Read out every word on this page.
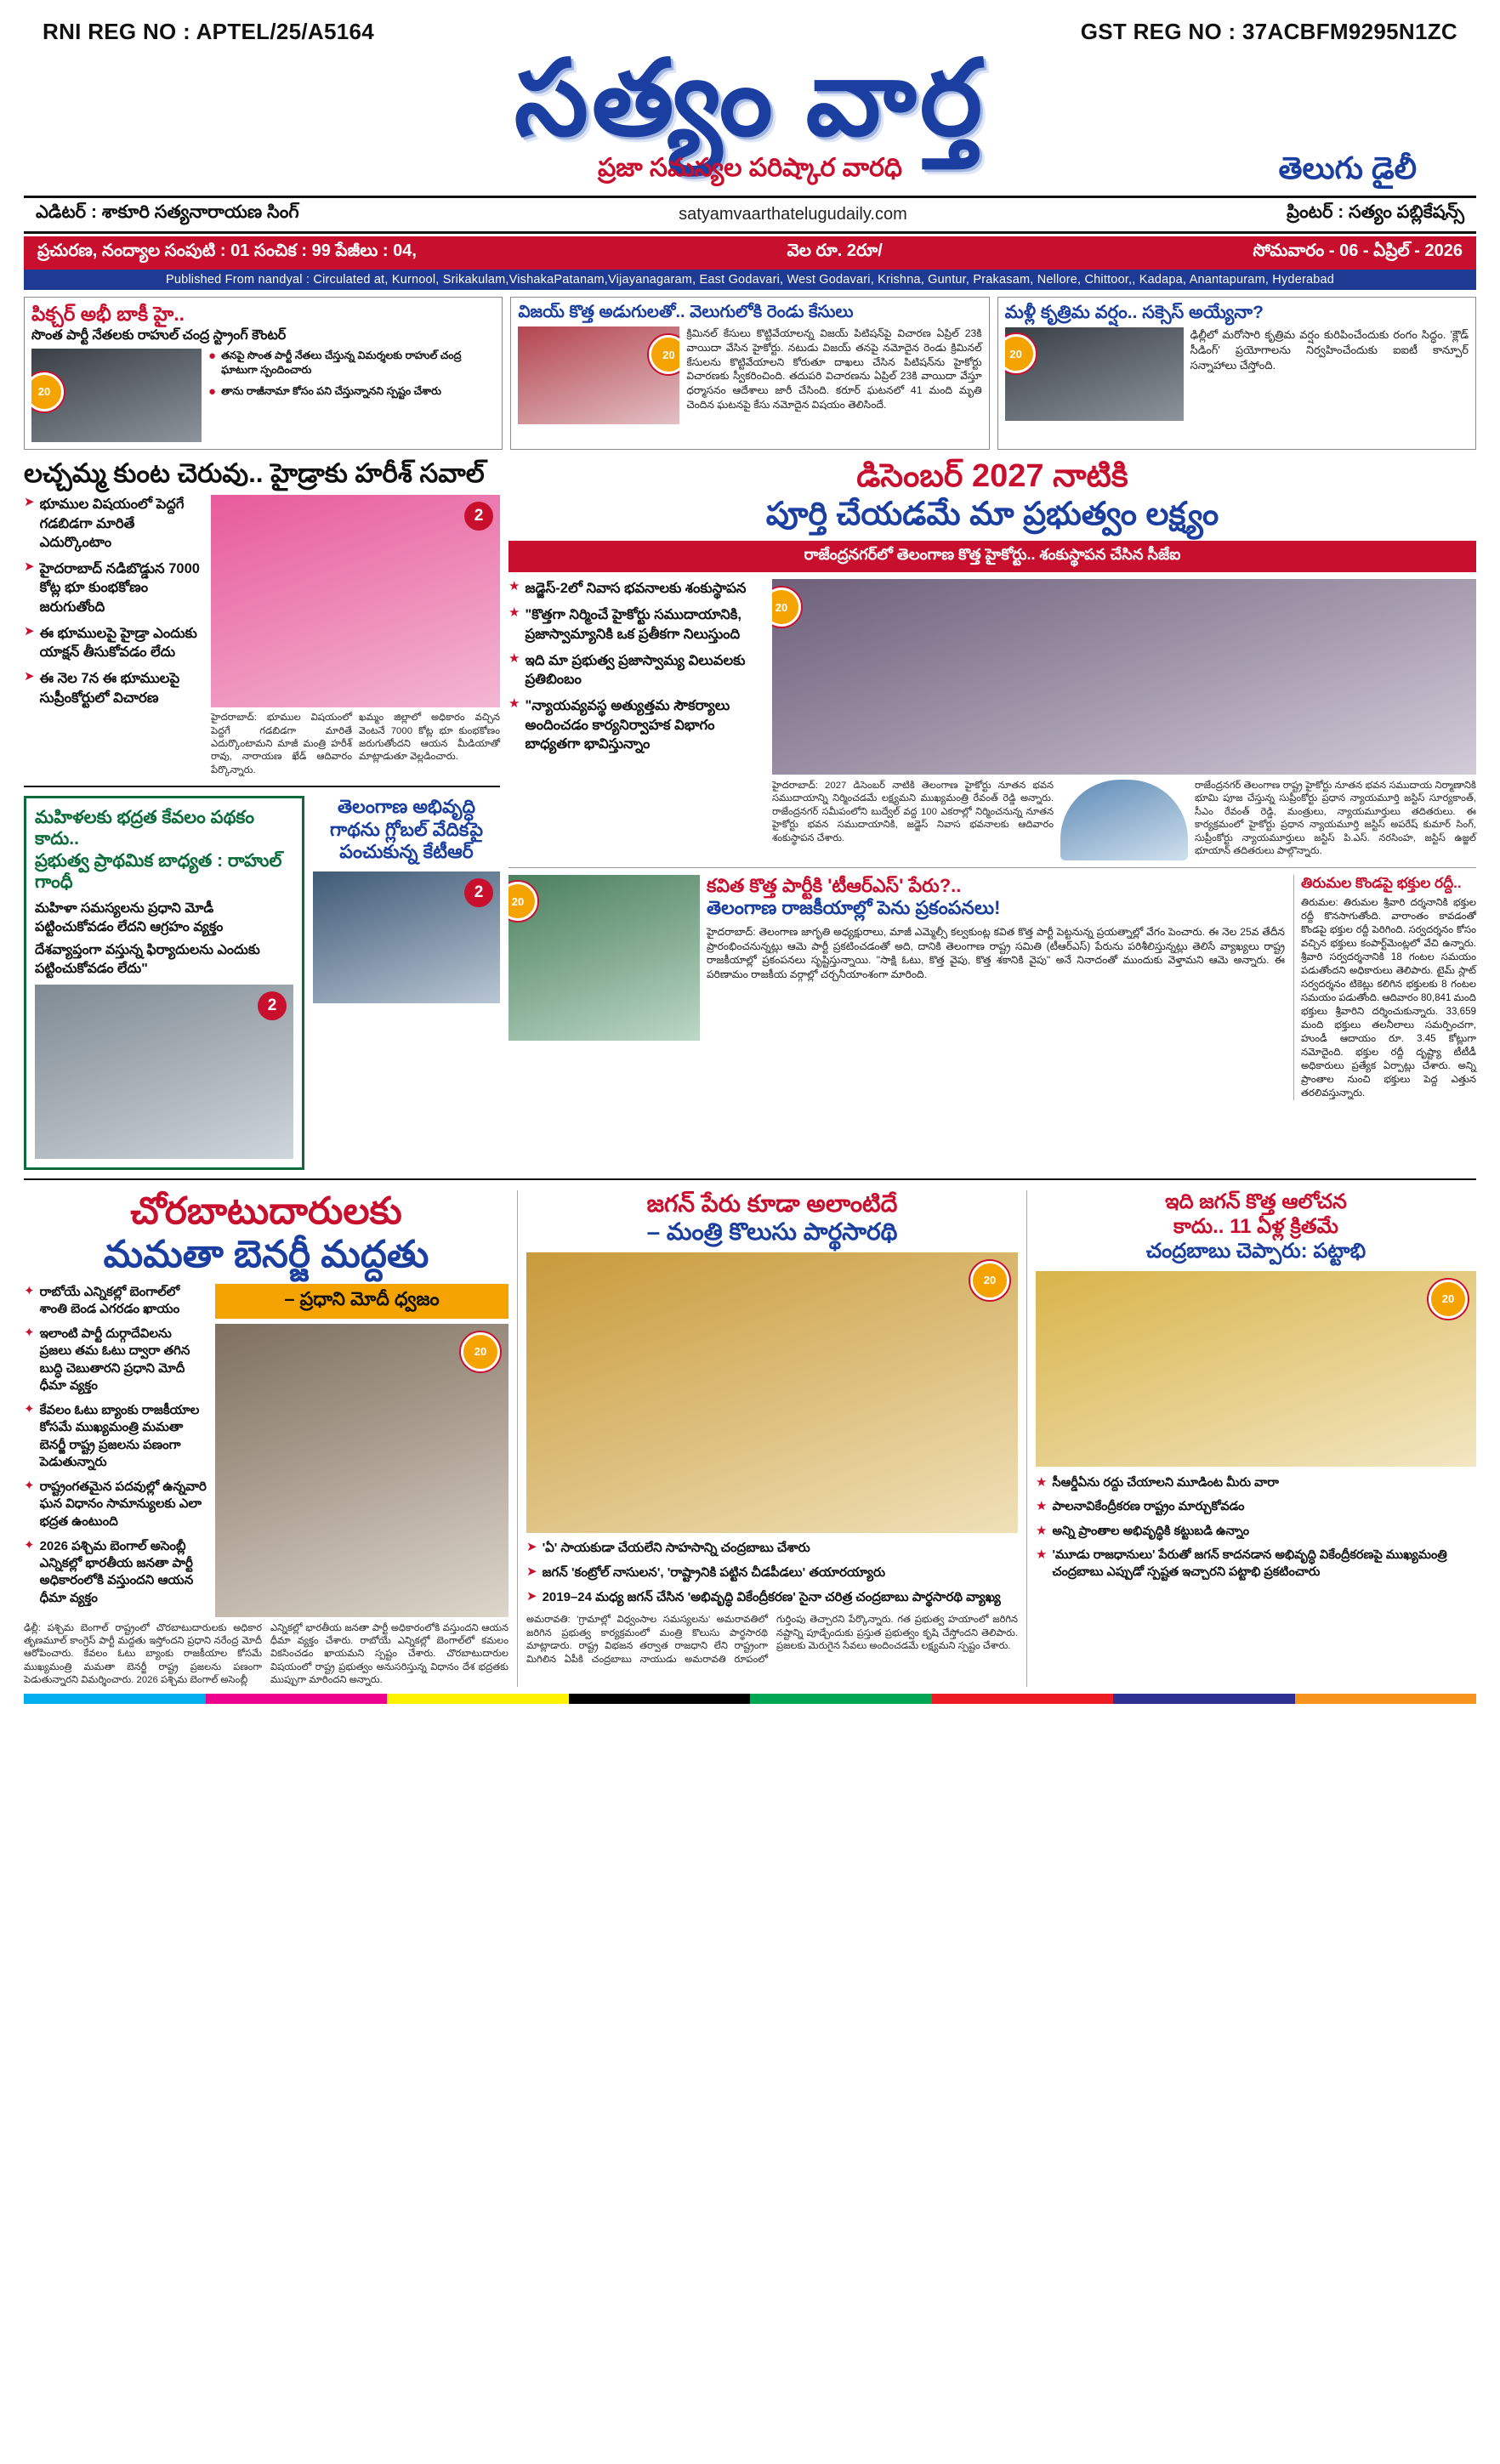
RNI REG NO : APTEL/25/A5164	GST REG NO : 37ACBFM9295N1ZC
సత్యం వార్త
తెలుగు డైలీ
ప్రజా సమస్యల పరిష్కార వారధి
ఎడిటర్ : శాకూరి సత్యనారాయణ సింగ్	satyamvaarthatelugudaily.com	ప్రింటర్ : సత్యం పబ్లికేషన్స్
ప్రచురణ, నంద్యాల సంపుటి : 01 సంచిక : 99 పేజీలు : 04,	వెల రూ. 2రూ/	సోమవారం - 06 - ఏప్రిల్ - 2026
Published From nandyal : Circulated at, Kurnool, Srikakulam,VishakaPatanam,Vijayanagaram, East Godavari, West Godavari, Krishna, Guntur, Prakasam, Nellore, Chittoor,, Kadapa, Anantapuram, Hyderabad
పిక్చర్ అభీ బాకీ హై..
సొంత పార్టీ నేతలకు రాహుల్ చంద్ర స్ట్రాంగ్ కౌంటర్
20
● తనపై సొంత పార్టీ నేతలు చేస్తున్న విమర్శలకు రాహుల్ చంద్ర ఘాటుగా స్పందించారు
● తాను రాజీనామా కోసం పని చేస్తున్నానని స్పష్టం చేశారు
విజయ్ కొత్త అడుగులతో.. వెలుగులోకి రెండు కేసులు
20
క్రిమినల్ కేసులు కొట్టివేయాలన్న విజయ్ పిటిషన్‌పై విచారణ ఏప్రిల్ 23కి వాయిదా వేసిన హైకోర్టు. నటుడు విజయ్ తనపై నమోదైన రెండు క్రిమినల్ కేసులను కొట్టివేయాలని కోరుతూ దాఖలు చేసిన పిటిషన్‌ను హైకోర్టు విచారణకు స్వీకరించింది. తదుపరి విచారణను ఏప్రిల్ 23కి వాయిదా వేస్తూ ధర్మాసనం ఆదేశాలు జారీ చేసింది. కరూర్ ఘటనలో 41 మంది మృతి చెందిన ఘటనపై కేసు నమోదైన విషయం తెలిసిందే.
మళ్లీ కృత్రిమ వర్షం.. సక్సెస్ అయ్యేనా?
20
ఢిల్లీలో మరోసారి కృత్రిమ వర్షం కురిపించేందుకు రంగం సిద్ధం. 'క్లౌడ్ సీడింగ్' ప్రయోగాలను నిర్వహించేందుకు ఐఐటీ కాన్పూర్ సన్నాహాలు చేస్తోంది.
లచ్చమ్మ కుంట చెరువు.. హైడ్రాకు హరీశ్ సవాల్
➤ భూముల విషయంలో పెద్దగే గడబిడగా మారితే ఎదుర్కొంటాం
➤ హైదరాబాద్ నడిబొడ్డున 7000 కోట్ల భూ కుంభకోణం జరుగుతోంది
➤ ఈ భూములపై హైడ్రా ఎందుకు యాక్షన్ తీసుకోవడం లేదు
➤ ఈ నెల 7న ఈ భూములపై సుప్రీంకోర్టులో విచారణ
2
హైదరాబాద్: భూముల విషయంలో పెద్దగే గడబిడగా మారితే ఎదుర్కొంటామని మాజీ మంత్రి హరీశ్ రావు, నారాయణ ఖేడ్ ఆదివారం పేర్కొన్నారు.
ఖమ్మం జిల్లాలో అధికారం వచ్చిన వెంటనే 7000 కోట్ల భూ కుంభకోణం జరుగుతోందని ఆయన మీడియాతో మాట్లాడుతూ వెల్లడించారు.
మహిళలకు భద్రత కేవలం పథకం కాదు..
ప్రభుత్వ ప్రాథమిక బాధ్యత : రాహుల్ గాంధీ
మహిళా సమస్యలను ప్రధాని మోడీ పట్టించుకోవడం లేదని ఆగ్రహం వ్యక్తం
దేశవ్యాప్తంగా వస్తున్న ఫిర్యాదులను ఎందుకు పట్టించుకోవడం లేదు"
2
తెలంగాణ అభివృద్ధి గాథను గ్లోబల్ వేదికపై పంచుకున్న కేటీఆర్
2
డిసెంబర్ 2027 నాటికి
పూర్తి చేయడమే మా ప్రభుత్వం లక్ష్యం
రాజేంద్రనగర్‌లో తెలంగాణ కొత్త హైకోర్టు.. శంకుస్థాపన చేసిన సీజేఐ
★ జడ్జెస్-2లో నివాస భవనాలకు శంకుస్థాపన
★ "కొత్తగా నిర్మించే హైకోర్టు సముదాయానికి, ప్రజాస్వామ్యానికి ఒక ప్రతీకగా నిలుస్తుంది
★ ఇది మా ప్రభుత్వ ప్రజాస్వామ్య విలువలకు ప్రతిబింబం
★ "న్యాయవ్యవస్థ అత్యుత్తమ సౌకర్యాలు అందించడం కార్యనిర్వాహక విభాగం బాధ్యతగా భావిస్తున్నాం
20
హైదరాబాద్: 2027 డిసెంబర్ నాటికి తెలంగాణ హైకోర్టు నూతన భవన సముదాయాన్ని నిర్మించడమే లక్ష్యమని ముఖ్యమంత్రి రేవంత్ రెడ్డి అన్నారు. రాజేంద్రనగర్ సమీపంలోని బుద్వేల్ వద్ద 100 ఎకరాల్లో నిర్మించనున్న నూతన హైకోర్టు భవన సముదాయానికి, జడ్జెస్ నివాస భవనాలకు ఆదివారం శంకుస్థాపన చేశారు.
రాజేంద్రనగర్ తెలంగాణ రాష్ట్ర హైకోర్టు నూతన భవన సముదాయ నిర్మాణానికి భూమి పూజ చేస్తున్న సుప్రీంకోర్టు ప్రధాన న్యాయమూర్తి జస్టిస్ సూర్యకాంత్, సీఎం రేవంత్ రెడ్డి, మంత్రులు, న్యాయమూర్తులు తదితరులు. ఈ కార్యక్రమంలో హైకోర్టు ప్రధాన న్యాయమూర్తి జస్టిస్ అపరేష్ కుమార్ సింగ్, సుప్రీంకోర్టు న్యాయమూర్తులు జస్టిస్ పి.ఎస్. నరసింహ, జస్టిస్ ఉజ్జల్ భూయాన్ తదితరులు పాల్గొన్నారు.
20
కవిత కొత్త పార్టీకి 'టీఆర్ఎస్' పేరు?..
తెలంగాణ రాజకీయాల్లో పెను ప్రకంపనలు!
హైదరాబాద్: తెలంగాణ జాగృతి అధ్యక్షురాలు, మాజీ ఎమ్మెల్సీ కల్వకుంట్ల కవిత కొత్త పార్టీ పెట్టనున్న ప్రయత్నాల్లో వేగం పెంచారు. ఈ నెల 25వ తేదీన ప్రారంభించనున్నట్లు ఆమె పార్టీ ప్రకటించడంతో అది, దానికి తెలంగాణ రాష్ట్ర సమితి (టీఆర్ఎస్) పేరును పరిశీలిస్తున్నట్లు తెలిసే వ్యాఖ్యలు రాష్ట్ర రాజకీయాల్లో ప్రకంపనలు సృష్టిస్తున్నాయి. "సాక్షి ఓటు, కొత్త వైపు, కొత్త శకానికి వైపు" అనే నినాదంతో ముందుకు వెళ్తామని ఆమె అన్నారు. ఈ పరిణామం రాజకీయ వర్గాల్లో చర్చనీయాంశంగా మారింది.
తిరుమల కొండపై భక్తుల రద్దీ..
తిరుమల: తిరుమల శ్రీవారి దర్శనానికి భక్తుల రద్దీ కొనసాగుతోంది. వారాంతం కావడంతో కొండపై భక్తుల రద్దీ పెరిగింది. సర్వదర్శనం కోసం వచ్చిన భక్తులు కంపార్ట్‌మెంట్లలో వేచి ఉన్నారు. శ్రీవారి సర్వదర్శనానికి 18 గంటల సమయం పడుతోందని అధికారులు తెలిపారు. టైమ్ స్లాట్ సర్వదర్శనం టికెట్లు కలిగిన భక్తులకు 8 గంటల సమయం పడుతోంది. ఆదివారం 80,841 మంది భక్తులు శ్రీవారిని దర్శించుకున్నారు. 33,659 మంది భక్తులు తలనీలాలు సమర్పించగా, హుండీ ఆదాయం రూ. 3.45 కోట్లుగా నమోదైంది. భక్తుల రద్దీ దృష్ట్యా టీటీడీ అధికారులు ప్రత్యేక ఏర్పాట్లు చేశారు. అన్ని ప్రాంతాల నుంచి భక్తులు పెద్ద ఎత్తున తరలివస్తున్నారు.
చోరబాటుదారులకు
మమతా బెనర్జీ మద్దతు
✦ రాబోయే ఎన్నికల్లో బెంగాల్‌లో శాంతి బెండ ఎగరడం ఖాయం
✦ ఇలాంటి పార్టీ దుర్గాదేవిలను ప్రజలు తమ ఓటు ద్వారా తగిన బుద్ధి చెబుతారని ప్రధాని మోదీ ధీమా వ్యక్తం
✦ కేవలం ఓటు బ్యాంకు రాజకీయాల కోసమే ముఖ్యమంత్రి మమతా బెనర్జీ రాష్ట్ర ప్రజలను పణంగా పెడుతున్నారు
✦ రాష్ట్రంగతమైన పదవుల్లో ఉన్నవారి ఘన విధానం సామాన్యులకు ఎలా భద్రత ఉంటుంది
✦ 2026 పశ్చిమ బెంగాల్ అసెంబ్లీ ఎన్నికల్లో భారతీయ జనతా పార్టీ అధికారంలోకి వస్తుందని ఆయన ధీమా వ్యక్తం
– ప్రధాని మోదీ ధ్వజం
20
ఢిల్లీ: పశ్చిమ బెంగాల్ రాష్ట్రంలో చొరబాటుదారులకు అధికార తృణమూల్ కాంగ్రెస్ పార్టీ మద్దతు ఇస్తోందని ప్రధాని నరేంద్ర మోదీ ఆరోపించారు. కేవలం ఓటు బ్యాంకు రాజకీయాల కోసమే ముఖ్యమంత్రి మమతా బెనర్జీ రాష్ట్ర ప్రజలను పణంగా పెడుతున్నారని విమర్శించారు. 2026 పశ్చిమ బెంగాల్ అసెంబ్లీ
ఎన్నికల్లో భారతీయ జనతా పార్టీ అధికారంలోకి వస్తుందని ఆయన ధీమా వ్యక్తం చేశారు. రాబోయే ఎన్నికల్లో బెంగాల్‌లో కమలం వికసించడం ఖాయమని స్పష్టం చేశారు. చొరబాటుదారుల విషయంలో రాష్ట్ర ప్రభుత్వం అనుసరిస్తున్న విధానం దేశ భద్రతకు ముప్పుగా మారిందని అన్నారు.
జగన్ పేరు కూడా అలాంటిదే
– మంత్రి కొలుసు పార్థసారథి
20
➤ 'ఏ' సాయకుడా చేయలేని సాహసాన్ని చంద్రబాబు చేశారు
➤ జగన్ 'కంట్రోల్ నాసులన', 'రాష్ట్రానికి పట్టిన చీడపీడలు' తయారయ్యారు
➤ 2019–24 మధ్య జగన్ చేసిన 'అభివృద్ధి వికేంద్రీకరణ' సైనా చరిత్ర చంద్రబాబు పార్థసారథి వ్యాఖ్య
అమరావతి: 'గ్రామాల్లో విధ్వంసాల సమస్యలను' అమరావతిలో జరిగిన ప్రభుత్వ కార్యక్రమంలో మంత్రి కొలుసు పార్థసారథి మాట్లాడారు. రాష్ట్ర విభజన తర్వాత రాజధాని లేని రాష్ట్రంగా మిగిలిన ఏపీకి చంద్రబాబు నాయుడు అమరావతి రూపంలో గుర్తింపు తెచ్చారని పేర్కొన్నారు. గత ప్రభుత్వ హయాంలో జరిగిన నష్టాన్ని పూడ్చేందుకు ప్రస్తుత ప్రభుత్వం కృషి చేస్తోందని తెలిపారు. ప్రజలకు మెరుగైన సేవలు అందించడమే లక్ష్యమని స్పష్టం చేశారు.
ఇది జగన్ కొత్త ఆలోచన
కాదు.. 11 ఏళ్ల క్రితమే
చంద్రబాబు చెప్పారు: పట్టాభి
20
★ సీఆర్డీఏను రద్దు చేయాలని మూడింట మీరు వారా
★ పాలనావికేంద్రీకరణ రాష్ట్రం మార్చుకోవడం
★ అన్ని ప్రాంతాల అభివృద్ధికి కట్టుబడి ఉన్నాం
★ 'మూడు రాజధానులు' పేరుతో జగన్ కాదనడాన అభివృద్ధి వికేంద్రీకరణపై ముఖ్యమంత్రి చంద్రబాబు ఎప్పుడో స్పష్టత ఇచ్చారని పట్టాభి ప్రకటించారు
